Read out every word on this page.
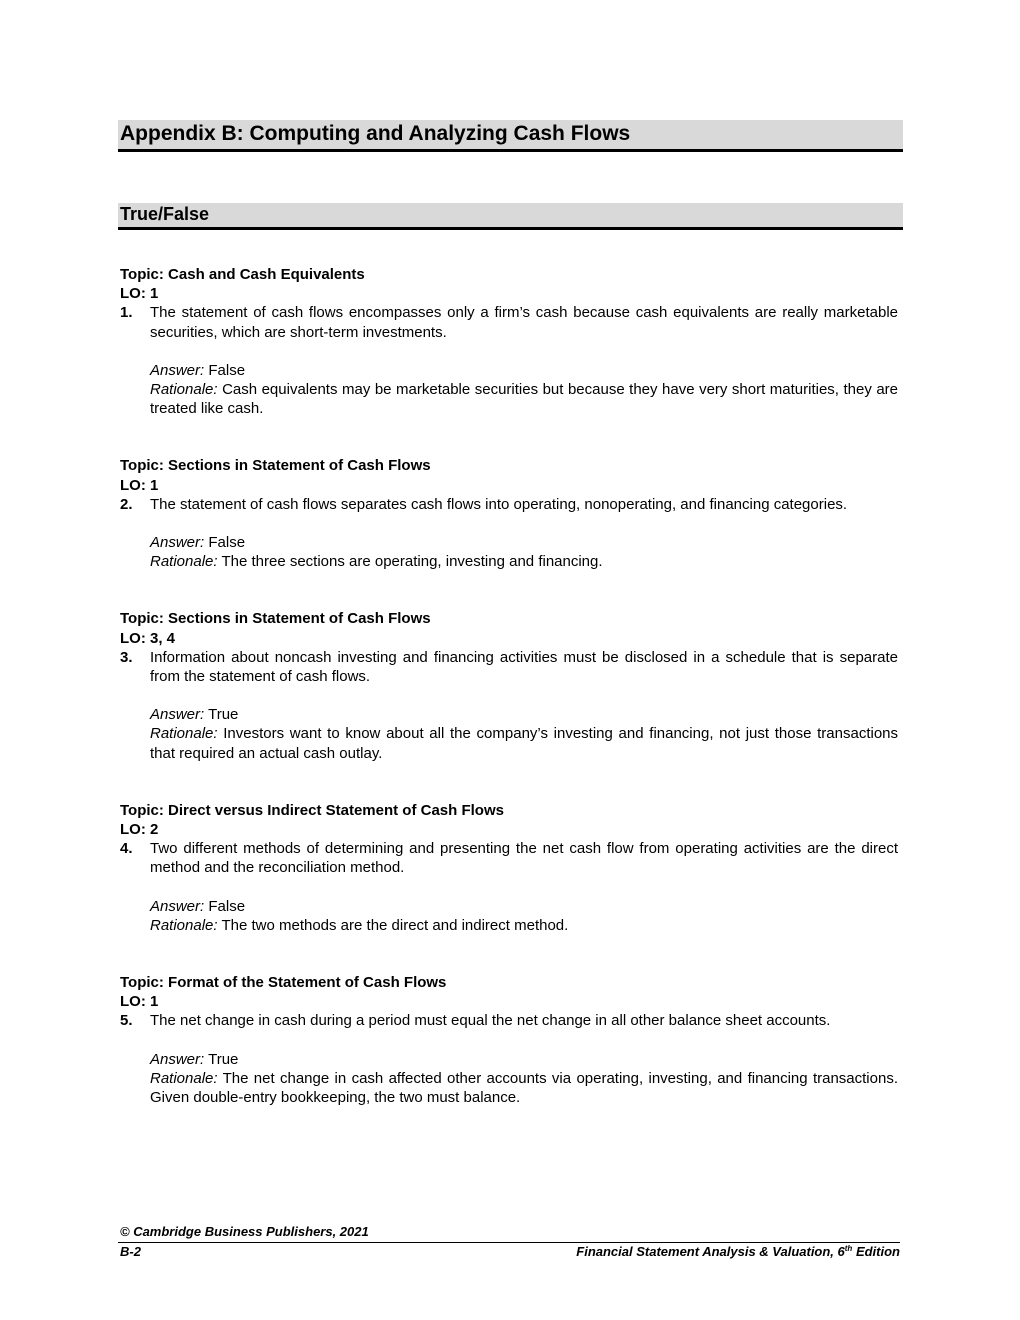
Appendix B: Computing and Analyzing Cash Flows
True/False
Topic: Cash and Cash Equivalents
LO: 1
1.	The statement of cash flows encompasses only a firm’s cash because cash equivalents are really marketable securities, which are short-term investments.
Answer: False
Rationale: Cash equivalents may be marketable securities but because they have very short maturities, they are treated like cash.
Topic: Sections in Statement of Cash Flows
LO: 1
2.	The statement of cash flows separates cash flows into operating, nonoperating, and financing categories.
Answer: False
Rationale: The three sections are operating, investing and financing.
Topic: Sections in Statement of Cash Flows
LO: 3, 4
3.	Information about noncash investing and financing activities must be disclosed in a schedule that is separate from the statement of cash flows.
Answer: True
Rationale: Investors want to know about all the company’s investing and financing, not just those transactions that required an actual cash outlay.
Topic: Direct versus Indirect Statement of Cash Flows
LO: 2
4.	Two different methods of determining and presenting the net cash flow from operating activities are the direct method and the reconciliation method.
Answer: False
Rationale: The two methods are the direct and indirect method.
Topic: Format of the Statement of Cash Flows
LO: 1
5.	The net change in cash during a period must equal the net change in all other balance sheet accounts.
Answer: True
Rationale: The net change in cash affected other accounts via operating, investing, and financing transactions. Given double-entry bookkeeping, the two must balance.
© Cambridge Business Publishers, 2021
B-2	Financial Statement Analysis & Valuation, 6th Edition
